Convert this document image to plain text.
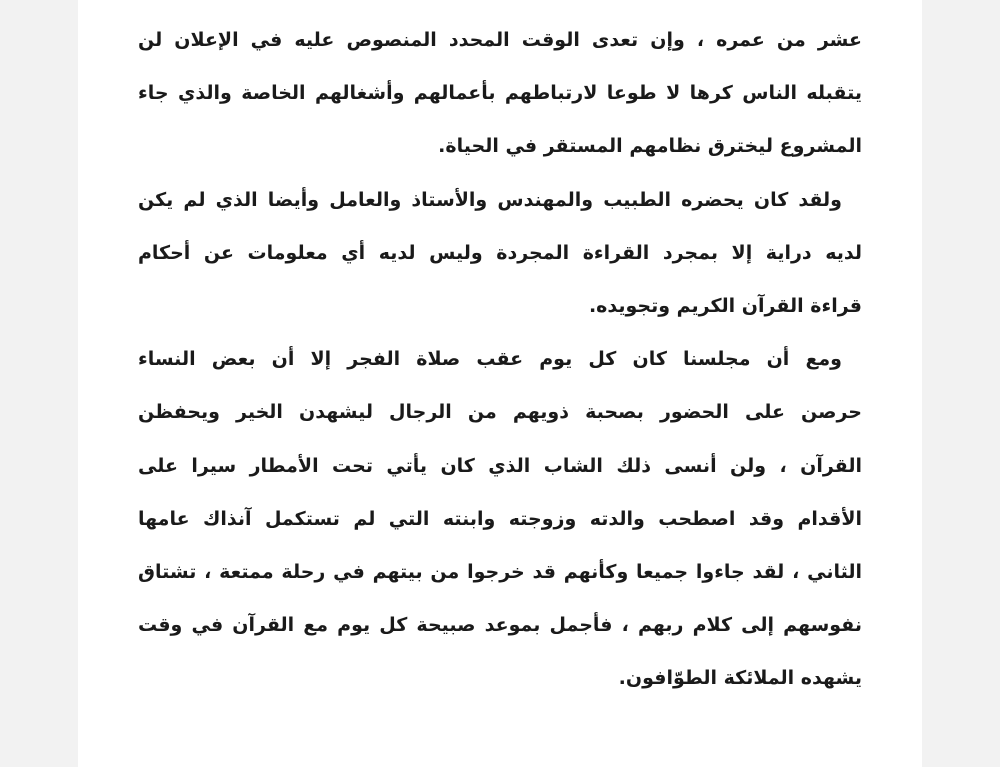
عشر من عمره ، وإن تعدى الوقت المحدد المنصوص عليه في الإعلان لن
يتقبله الناس كرها لا طوعا لارتباطهم بأعمالهم وأشغالهم الخاصة والذي جاء
المشروع ليخترق نظامهم المستقر في الحياة.
ولقد كان يحضره الطبيب والمهندس والأستاذ والعامل وأيضا الذي لم يكن
لديه دراية إلا بمجرد القراءة المجردة وليس لديه أي معلومات عن أحكام
قراءة القرآن الكريم وتجويده.
ومع أن مجلسنا كان كل يوم عقب صلاة الفجر إلا أن بعض النساء
حرصن على الحضور بصحبة ذويهم من الرجال ليشهدن الخير ويحفظن
القرآن ، ولن أنسى ذلك الشاب الذي كان يأتي تحت الأمطار سيرا على
الأقدام وقد اصطحب والدته وزوجته وابنته التي لم تستكمل آنذاك عامها
الثاني ، لقد جاءوا جميعا وكأنهم قد خرجوا من بيتهم في رحلة ممتعة ، تشتاق
نفوسهم إلى كلام ربهم ، فأجمل بموعد صبيحة كل يوم مع القرآن في وقت
يشهده الملائكة الطوّافون.
